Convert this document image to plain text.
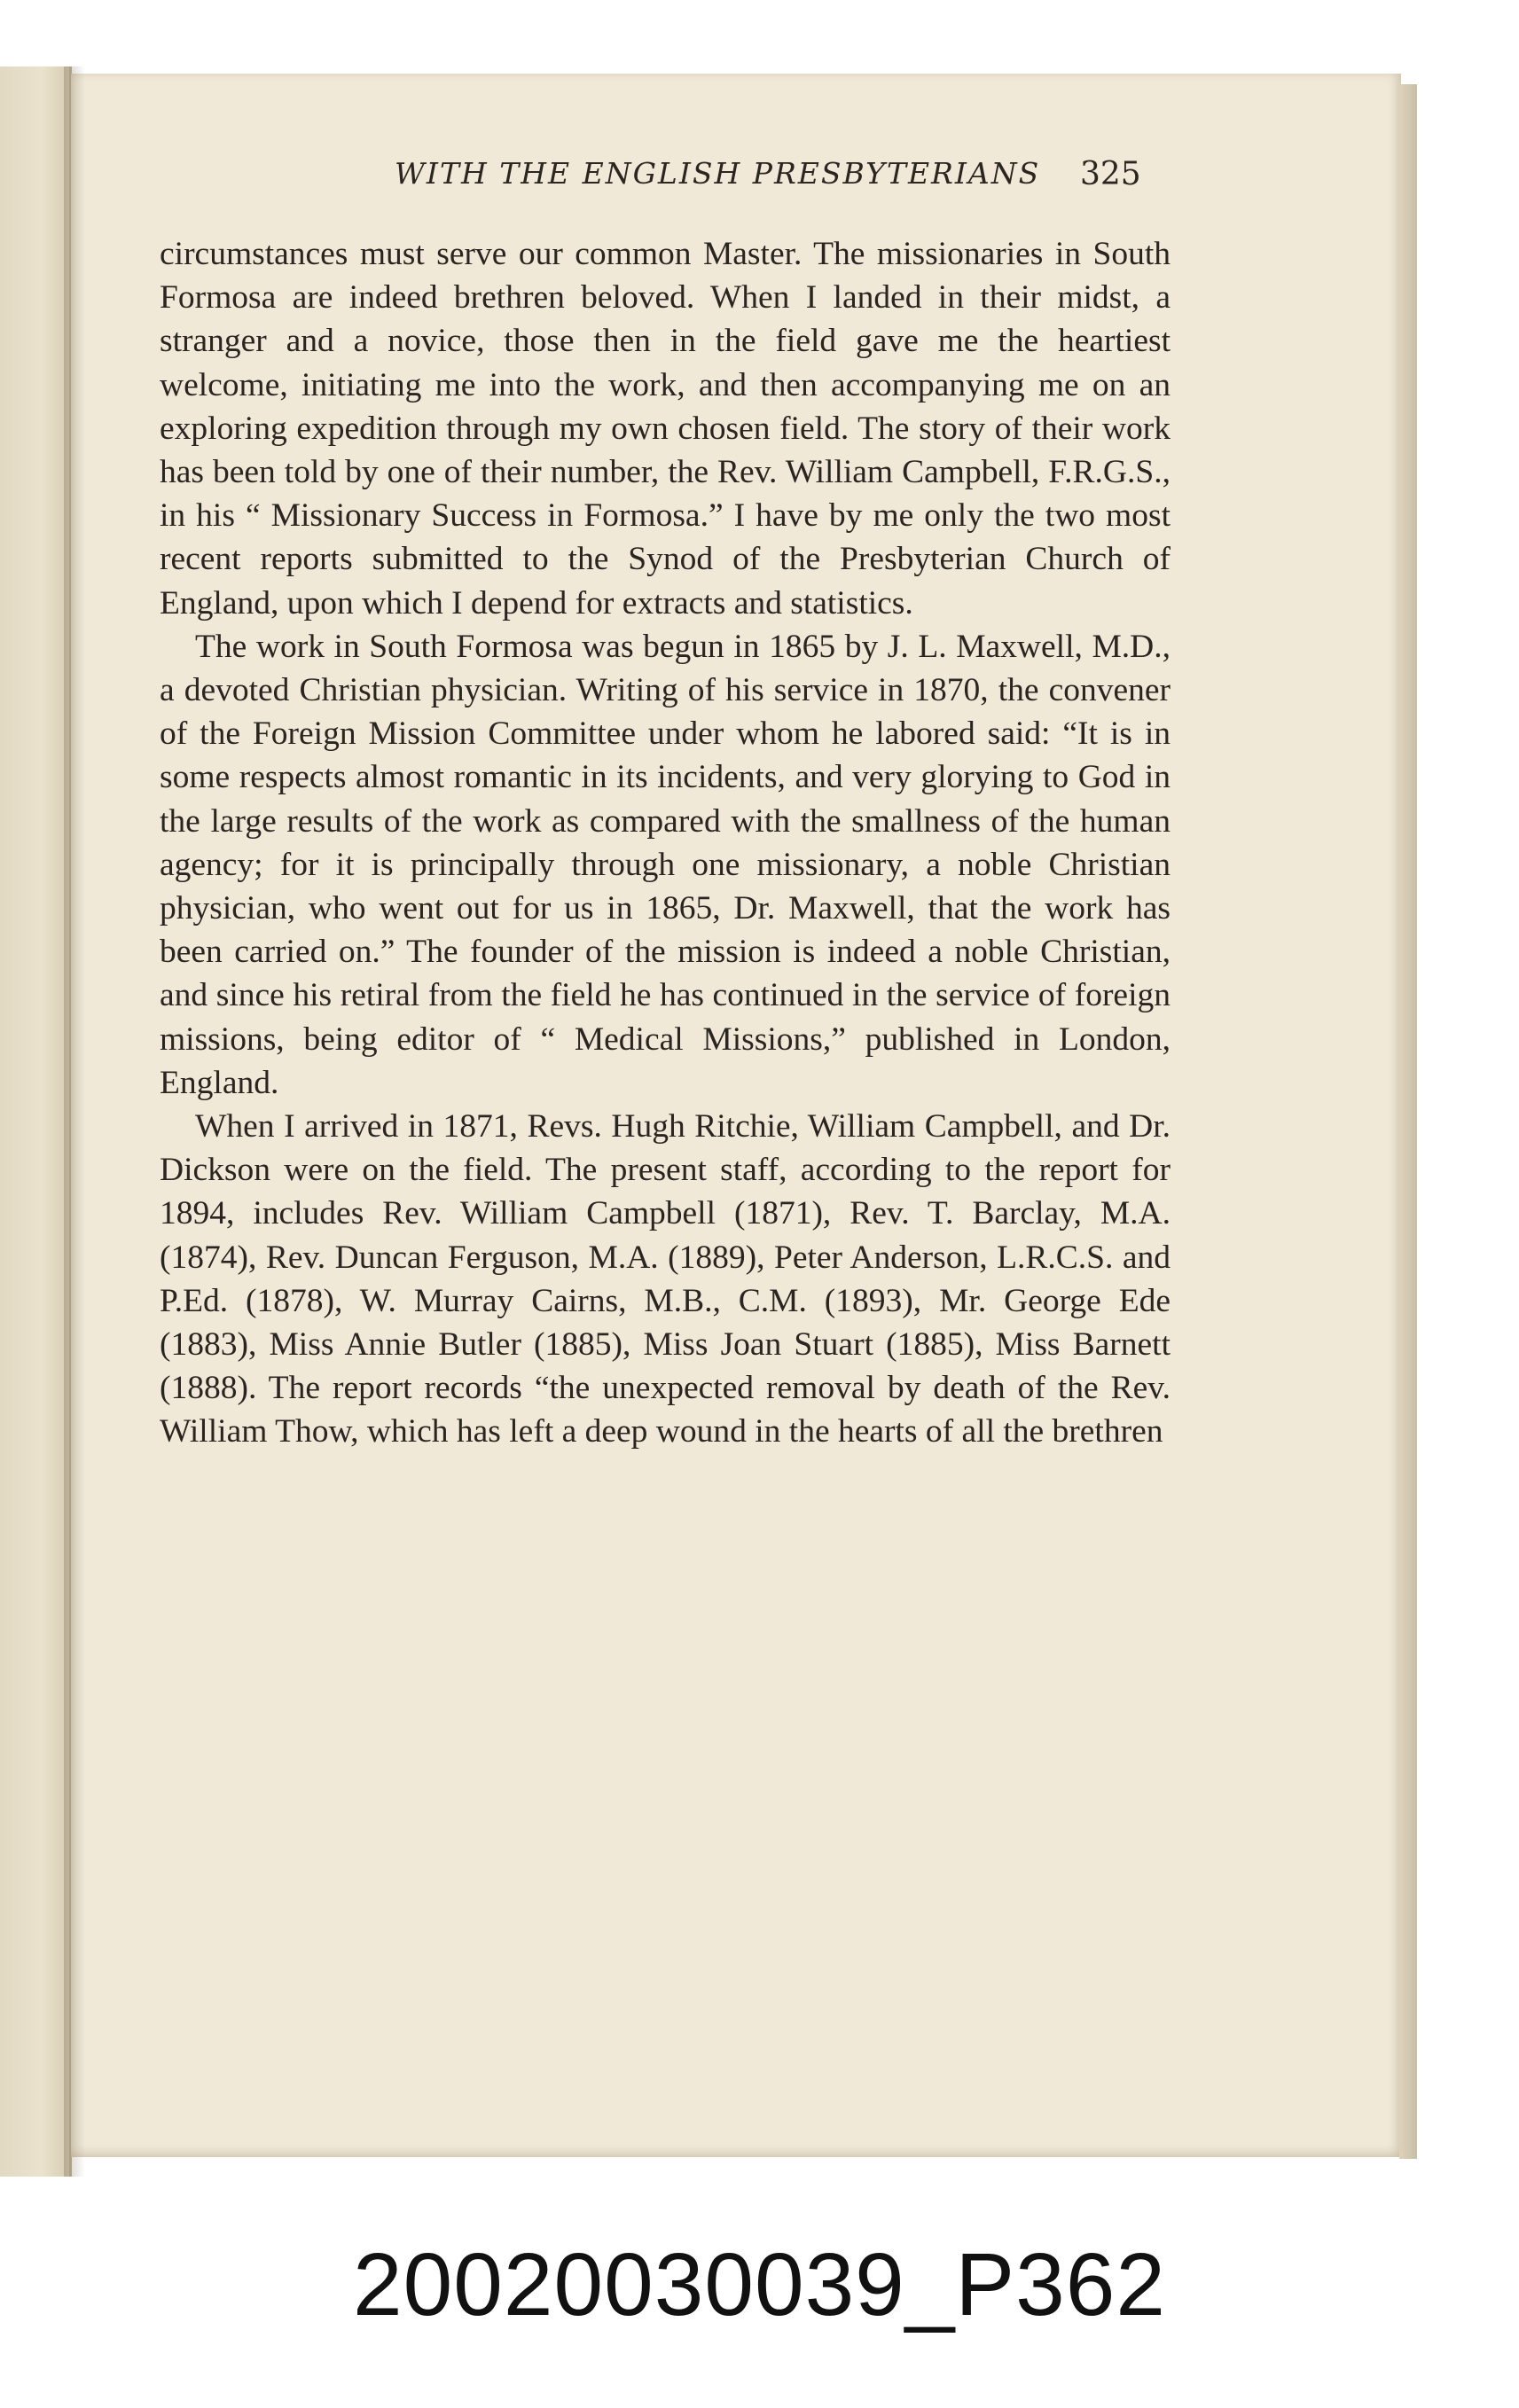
WITH THE ENGLISH PRESBYTERIANS 325

circumstances must serve our common Master. The missionaries in South Formosa are indeed brethren beloved. When I landed in their midst, a stranger and a novice, those then in the field gave me the heartiest welcome, initiating me into the work, and then accompanying me on an exploring expedition through my own chosen field. The story of their work has been told by one of their number, the Rev. William Campbell, F.R.G.S., in his “ Missionary Success in Formosa.” I have by me only the two most recent reports submitted to the Synod of the Presbyterian Church of England, upon which I depend for extracts and statistics.

The work in South Formosa was begun in 1865 by J. L. Maxwell, M.D., a devoted Christian physician. Writing of his service in 1870, the convener of the Foreign Mission Committee under whom he labored said: “It is in some respects almost romantic in its incidents, and very glorying to God in the large results of the work as compared with the smallness of the human agency; for it is principally through one missionary, a noble Christian physician, who went out for us in 1865, Dr. Maxwell, that the work has been carried on.” The founder of the mission is indeed a noble Christian, and since his retiral from the field he has continued in the service of foreign missions, being editor of “ Medical Missions,” published in London, England.

When I arrived in 1871, Revs. Hugh Ritchie, William Campbell, and Dr. Dickson were on the field. The present staff, according to the report for 1894, includes Rev. William Campbell (1871), Rev. T. Barclay, M.A. (1874), Rev. Duncan Ferguson, M.A. (1889), Peter Anderson, L.R.C.S. and P.Ed. (1878), W. Murray Cairns, M.B., C.M. (1893), Mr. George Ede (1883), Miss Annie Butler (1885), Miss Joan Stuart (1885), Miss Barnett (1888). The report records “the unexpected removal by death of the Rev. William Thow, which has left a deep wound in the hearts of all the brethren

20020030039_P362
